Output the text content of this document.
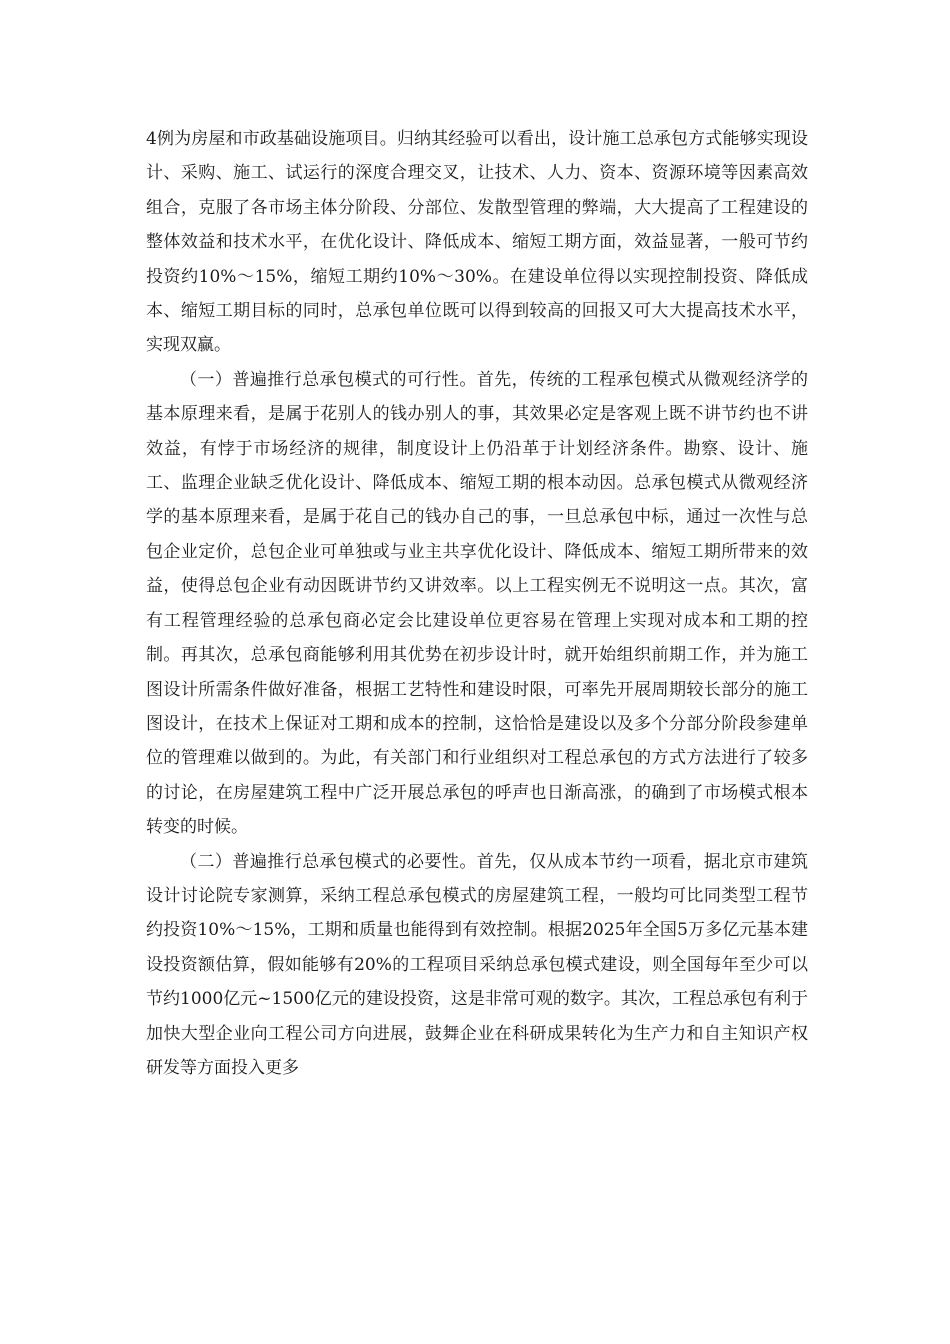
4例为房屋和市政基础设施项目。归纳其经验可以看出，设计施工总承包方式能够实现设计、采购、施工、试运行的深度合理交叉，让技术、人力、资本、资源环境等因素高效组合，克服了各市场主体分阶段、分部位、发散型管理的弊端，大大提高了工程建设的整体效益和技术水平，在优化设计、降低成本、缩短工期方面，效益显著，一般可节约投资约10%～15%，缩短工期约10%～30%。在建设单位得以实现控制投资、降低成本、缩短工期目标的同时，总承包单位既可以得到较高的回报又可大大提高技术水平，实现双赢。

（一）普遍推行总承包模式的可行性。首先，传统的工程承包模式从微观经济学的基本原理来看，是属于花别人的钱办别人的事，其效果必定是客观上既不讲节约也不讲效益，有悖于市场经济的规律，制度设计上仍沿革于计划经济条件。勘察、设计、施工、监理企业缺乏优化设计、降低成本、缩短工期的根本动因。总承包模式从微观经济学的基本原理来看，是属于花自己的钱办自己的事，一旦总承包中标，通过一次性与总包企业定价，总包企业可单独或与业主共享优化设计、降低成本、缩短工期所带来的效益，使得总包企业有动因既讲节约又讲效率。以上工程实例无不说明这一点。其次，富有工程管理经验的总承包商必定会比建设单位更容易在管理上实现对成本和工期的控制。再其次，总承包商能够利用其优势在初步设计时，就开始组织前期工作，并为施工图设计所需条件做好准备，根据工艺特性和建设时限，可率先开展周期较长部分的施工图设计，在技术上保证对工期和成本的控制，这恰恰是建设以及多个分部分阶段参建单位的管理难以做到的。为此，有关部门和行业组织对工程总承包的方式方法进行了较多的讨论，在房屋建筑工程中广泛开展总承包的呼声也日渐高涨，的确到了市场模式根本转变的时候。

（二）普遍推行总承包模式的必要性。首先，仅从成本节约一项看，据北京市建筑设计讨论院专家测算，采纳工程总承包模式的房屋建筑工程，一般均可比同类型工程节约投资10%～15%，工期和质量也能得到有效控制。根据2025年全国5万多亿元基本建设投资额估算，假如能够有20%的工程项目采纳总承包模式建设，则全国每年至少可以节约1000亿元~1500亿元的建设投资，这是非常可观的数字。其次，工程总承包有利于加快大型企业向工程公司方向进展，鼓舞企业在科研成果转化为生产力和自主知识产权研发等方面投入更多
